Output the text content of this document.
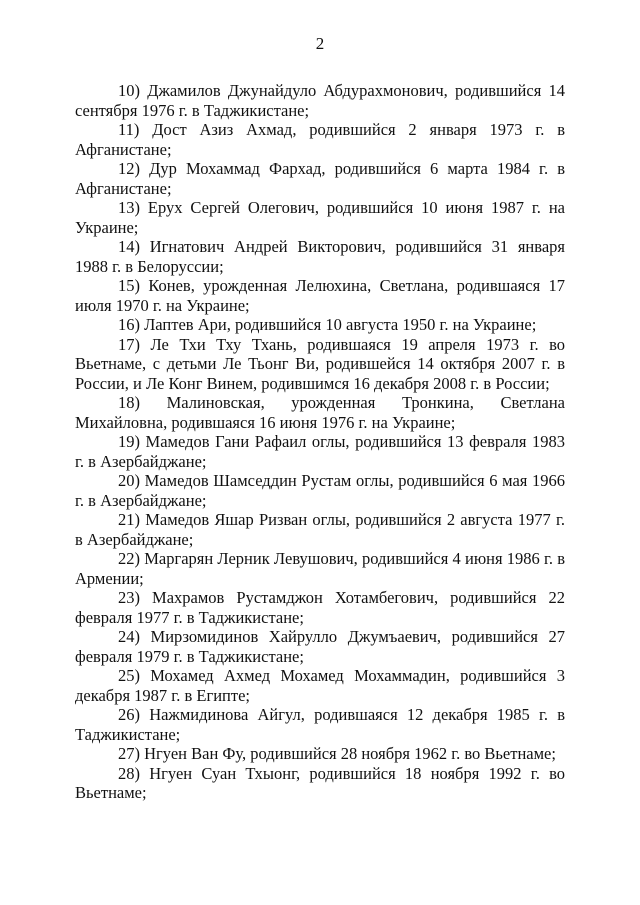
2

10) Джамилов Джунайдуло Абдурахмонович, родившийся 14 сентября 1976 г. в Таджикистане;

11) Дост Азиз Ахмад, родившийся 2 января 1973 г. в Афганистане;

12) Дур Мохаммад Фархад, родившийся 6 марта 1984 г. в Афганистане;

13) Ерух Сергей Олегович, родившийся 10 июня 1987 г. на Украине;

14) Игнатович Андрей Викторович, родившийся 31 января 1988 г. в Белоруссии;

15) Конев, урожденная Лелюхина, Светлана, родившаяся 17 июля 1970 г. на Украине;

16) Лаптев Ари, родившийся 10 августа 1950 г. на Украине;

17) Ле Тхи Тху Тхань, родившаяся 19 апреля 1973 г. во Вьетнаме, с детьми Ле Тьонг Ви, родившейся 14 октября 2007 г. в России, и Ле Конг Винем, родившимся 16 декабря 2008 г. в России;

18) Малиновская, урожденная Тронкина, Светлана Михайловна, родившаяся 16 июня 1976 г. на Украине;

19) Мамедов Гани Рафаил оглы, родившийся 13 февраля 1983 г. в Азербайджане;

20) Мамедов Шамседдин Рустам оглы, родившийся 6 мая 1966 г. в Азербайджане;

21) Мамедов Яшар Ризван оглы, родившийся 2 августа 1977 г. в Азербайджане;

22) Маргарян Лерник Левушович, родившийся 4 июня 1986 г. в Армении;

23) Махрамов Рустамджон Хотамбегович, родившийся 22 февраля 1977 г. в Таджикистане;

24) Мирзомидинов Хайрулло Джумъаевич, родившийся 27 февраля 1979 г. в Таджикистане;

25) Мохамед Ахмед Мохамед Мохаммадин, родившийся 3 декабря 1987 г. в Египте;

26) Нажмидинова Айгул, родившаяся 12 декабря 1985 г. в Таджикистане;

27) Нгуен Ван Фу, родившийся 28 ноября 1962 г. во Вьетнаме;

28) Нгуен Суан Тхыонг, родившийся 18 ноября 1992 г. во Вьетнаме;
